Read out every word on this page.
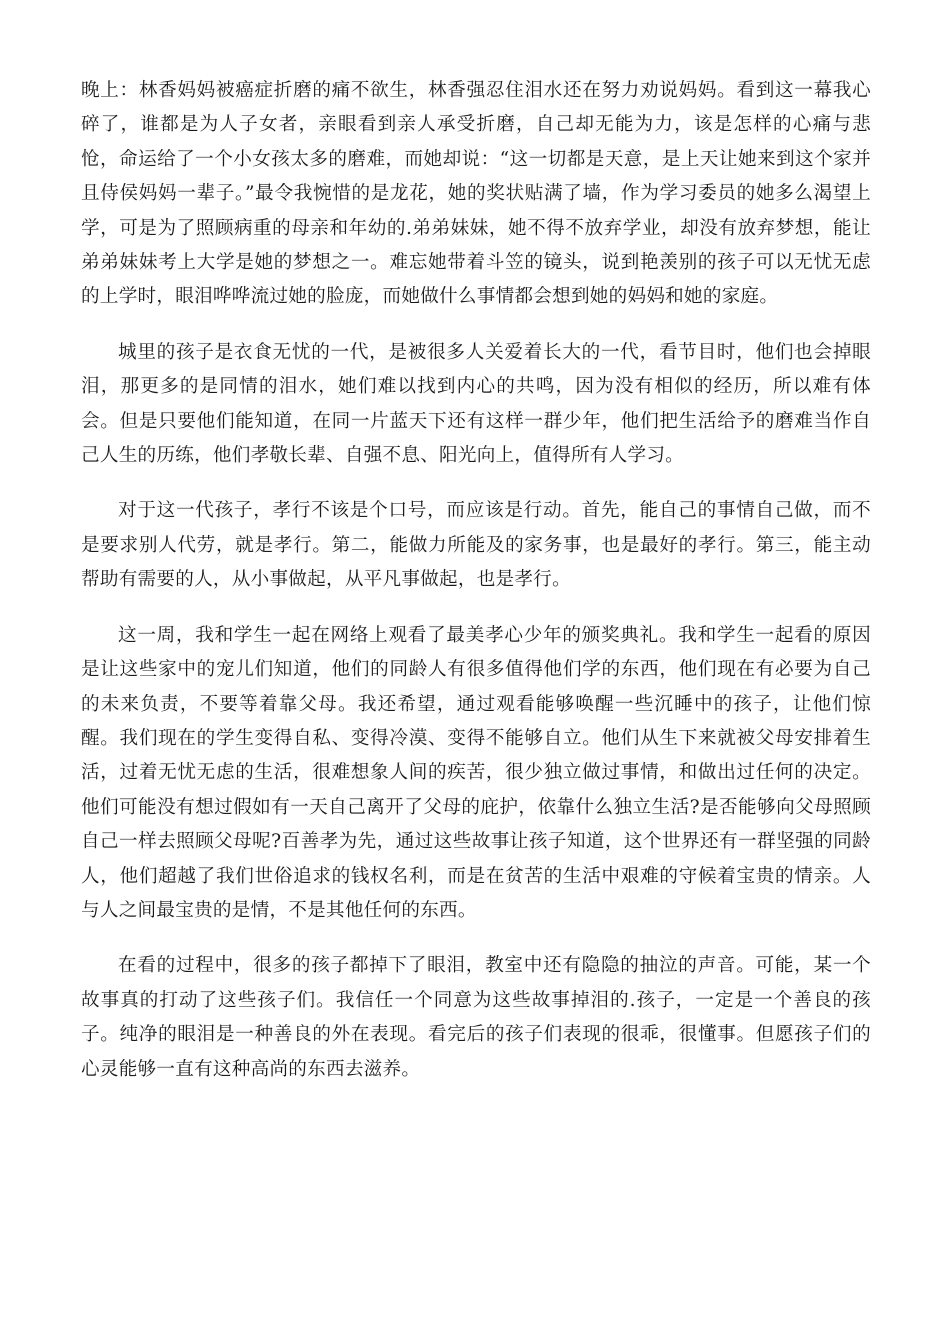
晚上：林香妈妈被癌症折磨的痛不欲生，林香强忍住泪水还在努力劝说妈妈。看到这一幕我心碎了，谁都是为人子女者，亲眼看到亲人承受折磨，自己却无能为力，该是怎样的心痛与悲怆，命运给了一个小女孩太多的磨难，而她却说：“这一切都是天意，是上天让她来到这个家并且侍侯妈妈一辈子。”最令我惋惜的是龙花，她的奖状贴满了墙，作为学习委员的她多么渴望上学，可是为了照顾病重的母亲和年幼的.弟弟妹妹，她不得不放弃学业，却没有放弃梦想，能让弟弟妹妹考上大学是她的梦想之一。难忘她带着斗笠的镜头，说到艳羡别的孩子可以无忧无虑的上学时，眼泪哗哗流过她的脸庞，而她做什么事情都会想到她的妈妈和她的家庭。

城里的孩子是衣食无忧的一代，是被很多人关爱着长大的一代，看节目时，他们也会掉眼泪，那更多的是同情的泪水，她们难以找到内心的共鸣，因为没有相似的经历，所以难有体会。但是只要他们能知道，在同一片蓝天下还有这样一群少年，他们把生活给予的磨难当作自己人生的历练，他们孝敬长辈、自强不息、阳光向上，值得所有人学习。

对于这一代孩子，孝行不该是个口号，而应该是行动。首先，能自己的事情自己做，而不是要求别人代劳，就是孝行。第二，能做力所能及的家务事，也是最好的孝行。第三，能主动帮助有需要的人，从小事做起，从平凡事做起，也是孝行。

这一周，我和学生一起在网络上观看了最美孝心少年的颁奖典礼。我和学生一起看的原因是让这些家中的宠儿们知道，他们的同龄人有很多值得他们学的东西，他们现在有必要为自己的未来负责，不要等着靠父母。我还希望，通过观看能够唤醒一些沉睡中的孩子，让他们惊醒。我们现在的学生变得自私、变得冷漠、变得不能够自立。他们从生下来就被父母安排着生活，过着无忧无虑的生活，很难想象人间的疾苦，很少独立做过事情，和做出过任何的决定。他们可能没有想过假如有一天自己离开了父母的庇护，依靠什么独立生活?是否能够向父母照顾自己一样去照顾父母呢?百善孝为先，通过这些故事让孩子知道，这个世界还有一群坚强的同龄人，他们超越了我们世俗追求的钱权名利，而是在贫苦的生活中艰难的守候着宝贵的情亲。人与人之间最宝贵的是情，不是其他任何的东西。

在看的过程中，很多的孩子都掉下了眼泪，教室中还有隐隐的抽泣的声音。可能，某一个故事真的打动了这些孩子们。我信任一个同意为这些故事掉泪的.孩子，一定是一个善良的孩子。纯净的眼泪是一种善良的外在表现。看完后的孩子们表现的很乖，很懂事。但愿孩子们的心灵能够一直有这种高尚的东西去滋养。
